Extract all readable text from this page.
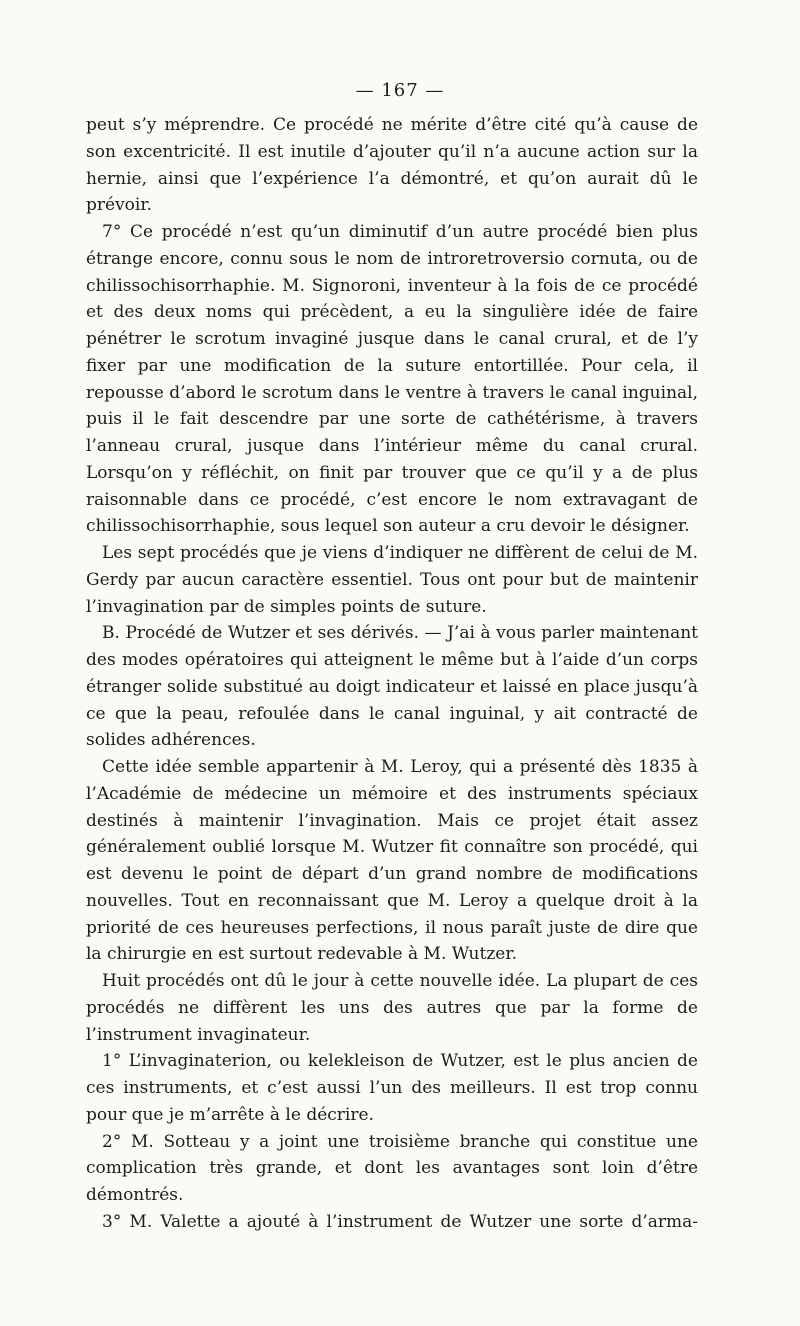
— 167 —

peut s’y méprendre. Ce procédé ne mérite d’être cité qu’à cause de son excentricité. Il est inutile d’ajouter qu’il n’a aucune action sur la hernie, ainsi que l’expérience l’a démontré, et qu’on aurait dû le prévoir.

7° Ce procédé n’est qu’un diminutif d’un autre procédé bien plus étrange encore, connu sous le nom de introretroversio cornuta, ou de chilissochisorrhaphie. M. Signoroni, inventeur à la fois de ce procédé et des deux noms qui précèdent, a eu la singulière idée de faire pénétrer le scrotum invaginé jusque dans le canal crural, et de l’y fixer par une modification de la suture entortillée. Pour cela, il repousse d’abord le scrotum dans le ventre à travers le canal inguinal, puis il le fait descendre par une sorte de cathétérisme, à travers l’anneau crural, jusque dans l’intérieur même du canal crural. Lorsqu’on y réfléchit, on finit par trouver que ce qu’il y a de plus raisonnable dans ce procédé, c’est encore le nom extravagant de chilissochisorrhaphie, sous lequel son auteur a cru devoir le désigner.

Les sept procédés que je viens d’indiquer ne diffèrent de celui de M. Gerdy par aucun caractère essentiel. Tous ont pour but de maintenir l’invagination par de simples points de suture.

B. Procédé de Wutzer et ses dérivés. — J’ai à vous parler maintenant des modes opératoires qui atteignent le même but à l’aide d’un corps étranger solide substitué au doigt indicateur et laissé en place jusqu’à ce que la peau, refoulée dans le canal inguinal, y ait contracté de solides adhérences.

Cette idée semble appartenir à M. Leroy, qui a présenté dès 1835 à l’Académie de médecine un mémoire et des instruments spéciaux destinés à maintenir l’invagination. Mais ce projet était assez généralement oublié lorsque M. Wutzer fit connaître son procédé, qui est devenu le point de départ d’un grand nombre de modifications nouvelles. Tout en reconnaissant que M. Leroy a quelque droit à la priorité de ces heureuses perfections, il nous paraît juste de dire que la chirurgie en est surtout redevable à M. Wutzer.

Huit procédés ont dû le jour à cette nouvelle idée. La plupart de ces procédés ne diffèrent les uns des autres que par la forme de l’instrument invaginateur.

1° L’invaginaterion, ou kelekleison de Wutzer, est le plus ancien de ces instruments, et c’est aussi l’un des meilleurs. Il est trop connu pour que je m’arrête à le décrire.

2° M. Sotteau y a joint une troisième branche qui constitue une complication très grande, et dont les avantages sont loin d’être démontrés.

3° M. Valette a ajouté à l’instrument de Wutzer une sorte d’arma-
